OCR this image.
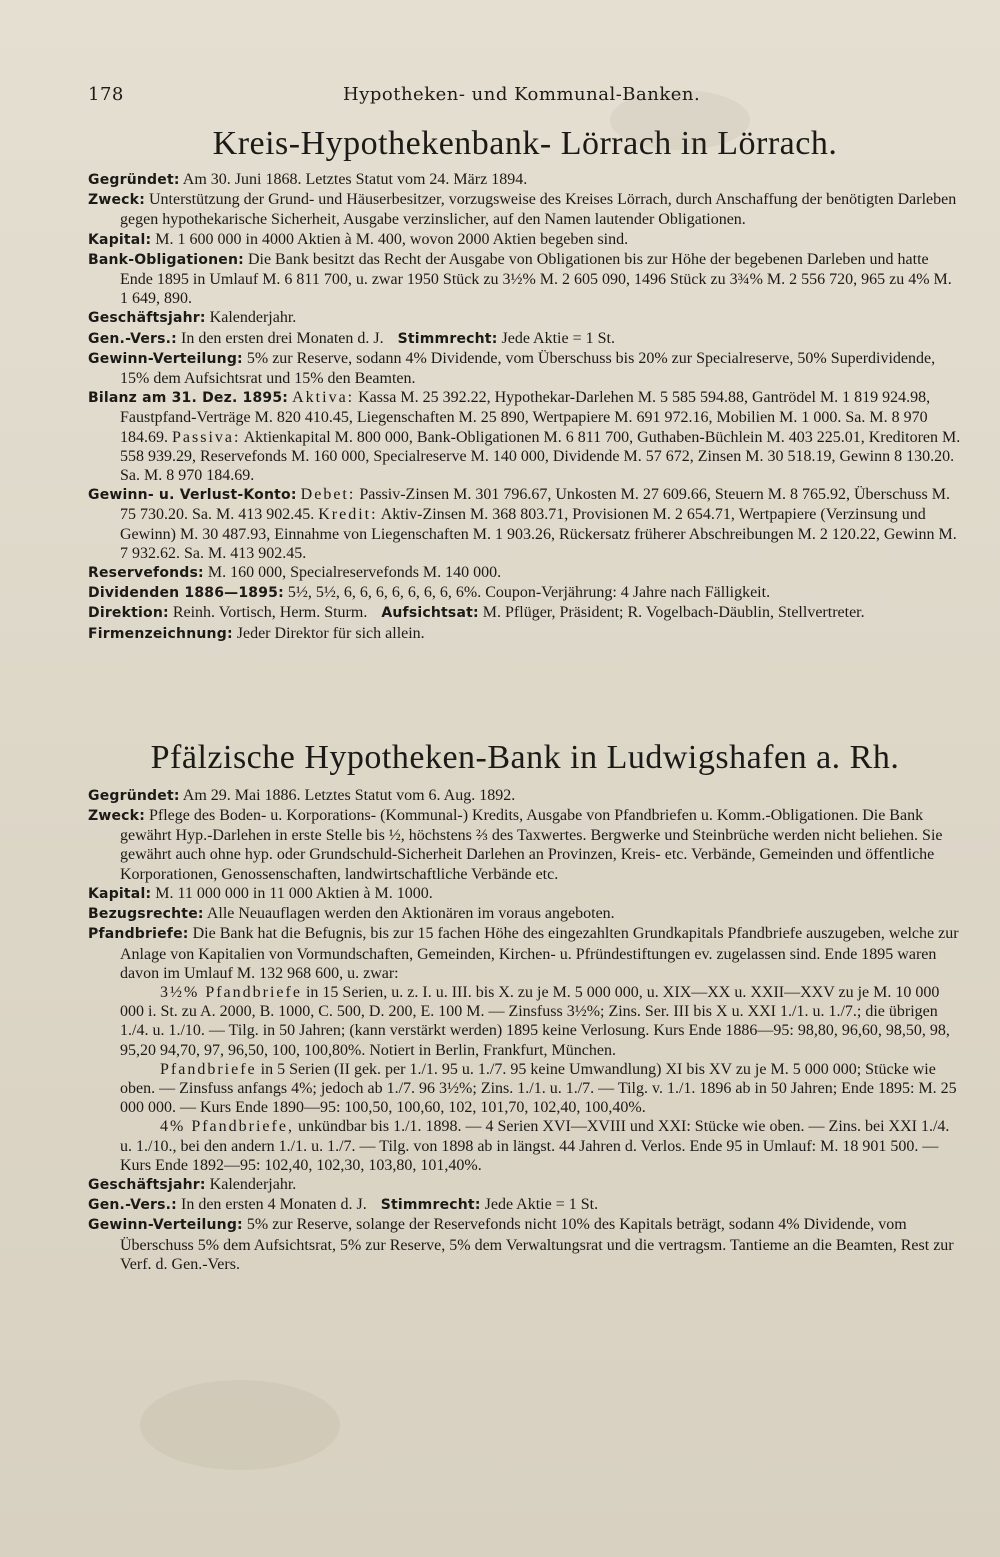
178	Hypotheken- und Kommunal-Banken.
Kreis-Hypothekenbank- Lörrach in Lörrach.

Gegründet: Am 30. Juni 1868. Letztes Statut vom 24. März 1894.

Zweck: Unterstützung der Grund- und Häuserbesitzer, vorzugsweise des Kreises Lörrach, durch Anschaffung der benötigten Darleben gegen hypothekarische Sicherheit, Ausgabe verzinslicher, auf den Namen lautender Obligationen.

Kapital: M. 1 600 000 in 4000 Aktien à M. 400, wovon 2000 Aktien begeben sind.

Bank-Obligationen: Die Bank besitzt das Recht der Ausgabe von Obligationen bis zur Höhe der begebenen Darleben und hatte Ende 1895 in Umlauf M. 6 811 700, u. zwar 1950 Stück zu 3½% M. 2 605 090, 1496 Stück zu 3¾% M. 2 556 720, 965 zu 4% M. 1 649, 890.

Geschäftsjahr: Kalenderjahr.

Gen.-Vers.: In den ersten drei Monaten d. J. Stimmrecht: Jede Aktie = 1 St.

Gewinn-Verteilung: 5% zur Reserve, sodann 4% Dividende, vom Überschuss bis 20% zur Specialreserve, 50% Superdividende, 15% dem Aufsichtsrat und 15% den Beamten.

Bilanz am 31. Dez. 1895: Aktiva: Kassa M. 25 392.22, Hypothekar-Darlehen M. 5 585 594.88, Gantrödel M. 1 819 924.98, Faustpfand-Verträge M. 820 410.45, Liegenschaften M. 25 890, Wertpapiere M. 691 972.16, Mobilien M. 1 000. Sa. M. 8 970 184.69. Passiva: Aktienkapital M. 800 000, Bank-Obligationen M. 6 811 700, Guthaben-Büchlein M. 403 225.01, Kreditoren M. 558 939.29, Reservefonds M. 160 000, Specialreserve M. 140 000, Dividende M. 57 672, Zinsen M. 30 518.19, Gewinn 8 130.20. Sa. M. 8 970 184.69.

Gewinn- u. Verlust-Konto: Debet: Passiv-Zinsen M. 301 796.67, Unkosten M. 27 609.66, Steuern M. 8 765.92, Überschuss M. 75 730.20. Sa. M. 413 902.45. Kredit: Aktiv-Zinsen M. 368 803.71, Provisionen M. 2 654.71, Wertpapiere (Verzinsung und Gewinn) M. 30 487.93, Einnahme von Liegenschaften M. 1 903.26, Rückersatz früherer Abschreibungen M. 2 120.22, Gewinn M. 7 932.62. Sa. M. 413 902.45.

Reservefonds: M. 160 000, Specialreservefonds M. 140 000.

Dividenden 1886—1895: 5½, 5½, 6, 6, 6, 6, 6, 6, 6, 6%. Coupon-Verjährung: 4 Jahre nach Fälligkeit.

Direktion: Reinh. Vortisch, Herm. Sturm. Aufsichtsat: M. Pflüger, Präsident; R. Vogelbach-Däublin, Stellvertreter.

Firmenzeichnung: Jeder Direktor für sich allein.

Pfälzische Hypotheken-Bank in Ludwigshafen a. Rh.

Gegründet: Am 29. Mai 1886. Letztes Statut vom 6. Aug. 1892.

Zweck: Pflege des Boden- u. Korporations- (Kommunal-) Kredits, Ausgabe von Pfandbriefen u. Komm.-Obligationen. Die Bank gewährt Hyp.-Darlehen in erste Stelle bis ½, höchstens ⅔ des Taxwertes. Bergwerke und Steinbrüche werden nicht beliehen. Sie gewährt auch ohne hyp. oder Grundschuld-Sicherheit Darlehen an Provinzen, Kreis- etc. Verbände, Gemeinden und öffentliche Korporationen, Genossenschaften, landwirtschaftliche Verbände etc.

Kapital: M. 11 000 000 in 11 000 Aktien à M. 1000.

Bezugsrechte: Alle Neuauflagen werden den Aktionären im voraus angeboten.

Pfandbriefe: Die Bank hat die Befugnis, bis zur 15 fachen Höhe des eingezahlten Grundkapitals Pfandbriefe auszugeben, welche zur Anlage von Kapitalien von Vormundschaften, Gemeinden, Kirchen- u. Pfründestiftungen ev. zugelassen sind. Ende 1895 waren davon im Umlauf M. 132 968 600, u. zwar:

3½% Pfandbriefe in 15 Serien, u. z. I. u. III. bis X. zu je M. 5 000 000, u. XIX—XX u. XXII—XXV zu je M. 10 000 000 i. St. zu A. 2000, B. 1000, C. 500, D. 200, E. 100 M. — Zinsfuss 3½%; Zins. Ser. III bis X u. XXI 1./1. u. 1./7.; die übrigen 1./4. u. 1./10. — Tilg. in 50 Jahren; (kann verstärkt werden) 1895 keine Verlosung. Kurs Ende 1886—95: 98,80, 96,60, 98,50, 98, 95,20 94,70, 97, 96,50, 100, 100,80%. Notiert in Berlin, Frankfurt, München.

Pfandbriefe in 5 Serien (II gek. per 1./1. 95 u. 1./7. 95 keine Umwandlung) XI bis XV zu je M. 5 000 000; Stücke wie oben. — Zinsfuss anfangs 4%; jedoch ab 1./7. 96 3½%; Zins. 1./1. u. 1./7. — Tilg. v. 1./1. 1896 ab in 50 Jahren; Ende 1895: M. 25 000 000. — Kurs Ende 1890—95: 100,50, 100,60, 102, 101,70, 102,40, 100,40%.

4% Pfandbriefe, unkündbar bis 1./1. 1898. — 4 Serien XVI—XVIII und XXI: Stücke wie oben. — Zins. bei XXI 1./4. u. 1./10., bei den andern 1./1. u. 1./7. — Tilg. von 1898 ab in längst. 44 Jahren d. Verlos. Ende 95 in Umlauf: M. 18 901 500. — Kurs Ende 1892—95: 102,40, 102,30, 103,80, 101,40%.

Geschäftsjahr: Kalenderjahr.

Gen.-Vers.: In den ersten 4 Monaten d. J. Stimmrecht: Jede Aktie = 1 St.

Gewinn-Verteilung: 5% zur Reserve, solange der Reservefonds nicht 10% des Kapitals beträgt, sodann 4% Dividende, vom Überschuss 5% dem Aufsichtsrat, 5% zur Reserve, 5% dem Verwaltungsrat und die vertragsm. Tantieme an die Beamten, Rest zur Verf. d. Gen.-Vers.
